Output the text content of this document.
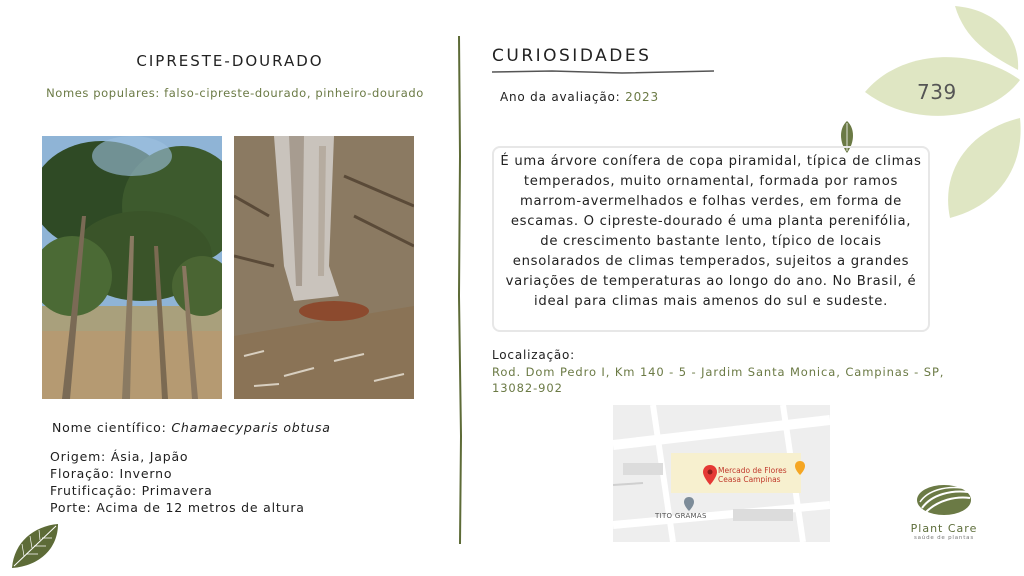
739
CIPRESTE-DOURADO
Nomes populares: falso-cipreste-dourado, pinheiro-dourado
Nome científico: Chamaecyparis obtusa
Origem: Ásia, Japão
Floração: Inverno
Frutificação: Primavera
Porte: Acima de 12 metros de altura
CURIOSIDADES
Ano da avaliação: 2023
É uma árvore conífera de copa piramidal, típica de climas temperados, muito ornamental, formada por ramos marrom-avermelhados e folhas verdes, em forma de escamas. O cipreste-dourado é uma planta perenifólia, de crescimento bastante lento, típico de locais ensolarados de climas temperados, sujeitos a grandes variações de temperaturas ao longo do ano. No Brasil, é ideal para climas mais amenos do sul e sudeste.
Localização:
Rod. Dom Pedro I, Km 140 - 5 - Jardim Santa Monica, Campinas - SP, 13082-902
Mercado de Flores
Ceasa Campinas
TITO GRAMAS
Plant Care
saúde de plantas
